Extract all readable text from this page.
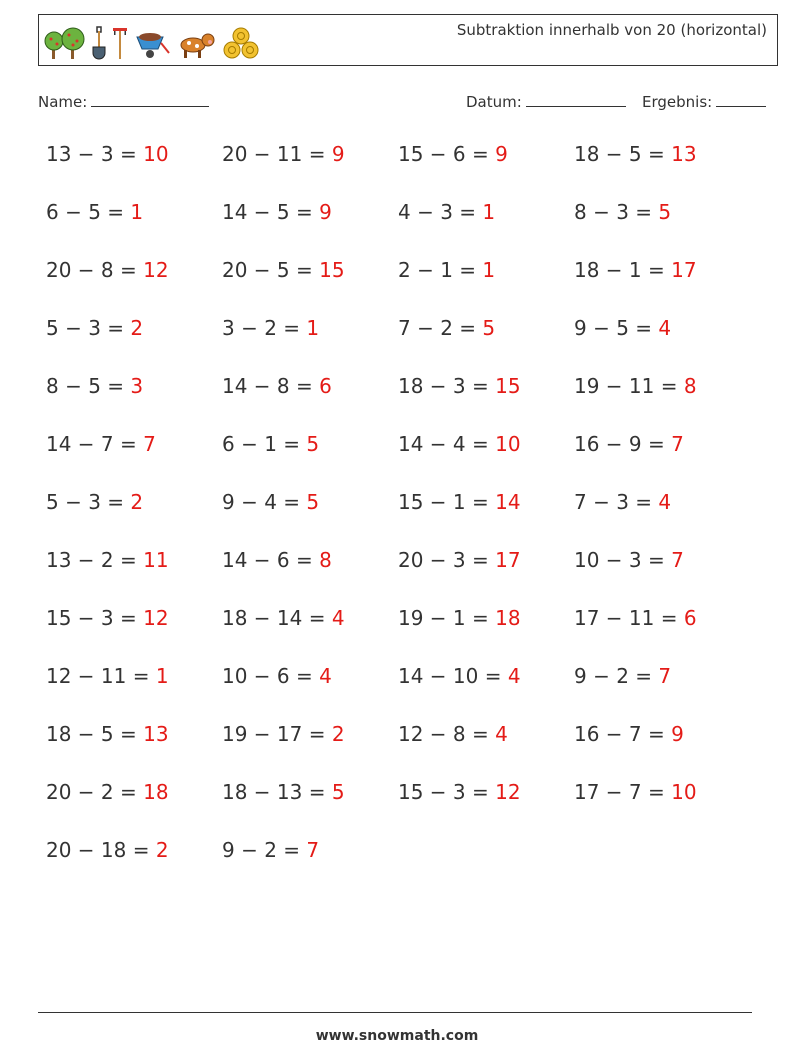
Subtraktion innerhalb von 20 (horizontal)
Name:	Datum:	Ergebnis:
13 − 3 = 10	20 − 11 = 9	15 − 6 = 9	18 − 5 = 13
6 − 5 = 1	14 − 5 = 9	4 − 3 = 1	8 − 3 = 5
20 − 8 = 12	20 − 5 = 15	2 − 1 = 1	18 − 1 = 17
5 − 3 = 2	3 − 2 = 1	7 − 2 = 5	9 − 5 = 4
8 − 5 = 3	14 − 8 = 6	18 − 3 = 15	19 − 11 = 8
14 − 7 = 7	6 − 1 = 5	14 − 4 = 10	16 − 9 = 7
5 − 3 = 2	9 − 4 = 5	15 − 1 = 14	7 − 3 = 4
13 − 2 = 11	14 − 6 = 8	20 − 3 = 17	10 − 3 = 7
15 − 3 = 12	18 − 14 = 4	19 − 1 = 18	17 − 11 = 6
12 − 11 = 1	10 − 6 = 4	14 − 10 = 4	9 − 2 = 7
18 − 5 = 13	19 − 17 = 2	12 − 8 = 4	16 − 7 = 9
20 − 2 = 18	18 − 13 = 5	15 − 3 = 12	17 − 7 = 10
20 − 18 = 2	9 − 2 = 7
www.snowmath.com
